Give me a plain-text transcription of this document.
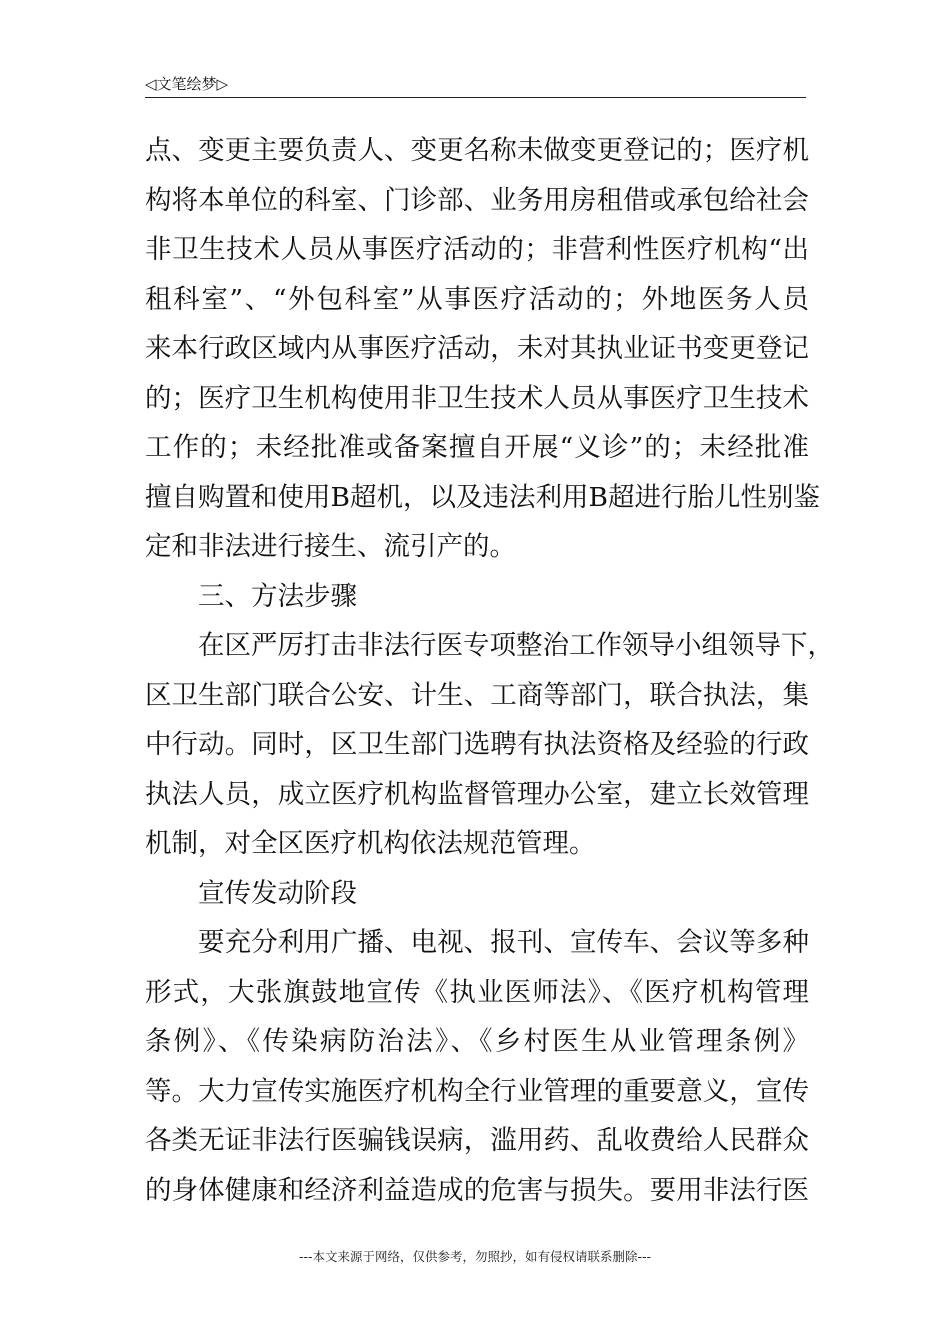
◁文笔绘梦▷
点、变更主要负责人、变更名称未做变更登记的；医疗机
构将本单位的科室、门诊部、业务用房租借或承包给社会
非卫生技术人员从事医疗活动的；非营利性医疗机构“出
租科室”、“外包科室”从事医疗活动的；外地医务人员
来本行政区域内从事医疗活动，未对其执业证书变更登记
的；医疗卫生机构使用非卫生技术人员从事医疗卫生技术
工作的；未经批准或备案擅自开展“义诊”的；未经批准
擅自购置和使用B超机，以及违法利用B超进行胎儿性别鉴
定和非法进行接生、流引产的。
三、方法步骤
在区严厉打击非法行医专项整治工作领导小组领导下，
区卫生部门联合公安、计生、工商等部门，联合执法，集
中行动。同时，区卫生部门选聘有执法资格及经验的行政
执法人员，成立医疗机构监督管理办公室，建立长效管理
机制，对全区医疗机构依法规范管理。
宣传发动阶段
要充分利用广播、电视、报刊、宣传车、会议等多种
形式，大张旗鼓地宣传《执业医师法》、《医疗机构管理
条例》、《传染病防治法》、《乡村医生从业管理条例》
等。大力宣传实施医疗机构全行业管理的重要意义，宣传
各类无证非法行医骗钱误病，滥用药、乱收费给人民群众
的身体健康和经济利益造成的危害与损失。要用非法行医
---本文来源于网络，仅供参考，勿照抄，如有侵权请联系删除---
